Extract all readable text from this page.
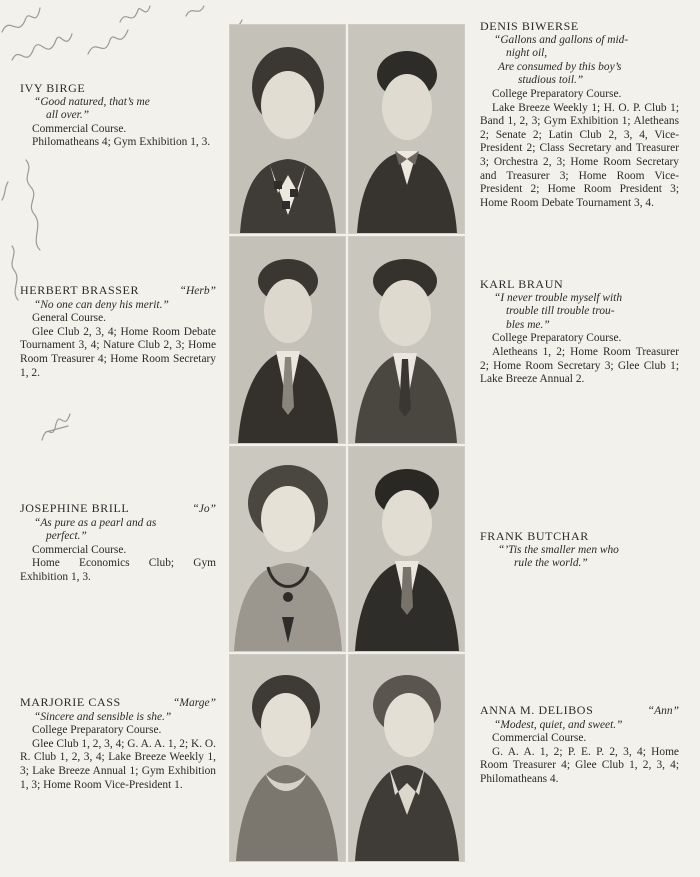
IVY BIRGE
“Good natured, that’s me
all over.”
Commercial Course.
Philomatheans 4; Gym Exhibition 1, 3.
HERBERT BRASSER	“Herb”
“No one can deny his merit.”
General Course.
Glee Club 2, 3, 4; Home Room Debate Tournament 3, 4; Nature Club 2, 3; Home Room Treasurer 4; Home Room Secretary 1, 2.
JOSEPHINE BRILL	“Jo”
“As pure as a pearl and as
perfect.”
Commercial Course.
Home Economics Club; Gym Exhibition 1, 3.
MARJORIE CASS	“Marge”
“Sincere and sensible is she.”
College Preparatory Course.
Glee Club 1, 2, 3, 4; G. A. A. 1, 2; K. O. R. Club 1, 2, 3, 4; Lake Breeze Weekly 1, 3; Lake Breeze Annual 1; Gym Exhibition 1, 3; Home Room Vice-President 1.
DENIS BIWERSE
“Gallons and gallons of mid-
night oil,
Are consumed by this boy’s
studious toil.”
College Preparatory Course.
Lake Breeze Weekly 1; H. O. P. Club 1; Band 1, 2, 3; Gym Exhibition 1; Aletheans 2; Senate 2; Latin Club 2, 3, 4, Vice-President 2; Class Secretary and Treasurer 3; Orchestra 2, 3; Home Room Secretary and Treasurer 3; Home Room Vice-President 2; Home Room President 3; Home Room Debate Tournament 3, 4.
KARL BRAUN
“I never trouble myself with
trouble till trouble trou-
bles me.”
College Preparatory Course.
Aletheans 1, 2; Home Room Treasurer 2; Home Room Secretary 3; Glee Club 1; Lake Breeze Annual 2.
FRANK BUTCHAR
“’Tis the smaller men who
rule the world.”
ANNA M. DELIBOS	“Ann”
“Modest, quiet, and sweet.”
Commercial Course.
G. A. A. 1, 2; P. E. P. 2, 3, 4; Home Room Treasurer 4; Glee Club 1, 2, 3, 4; Philomatheans 4.
